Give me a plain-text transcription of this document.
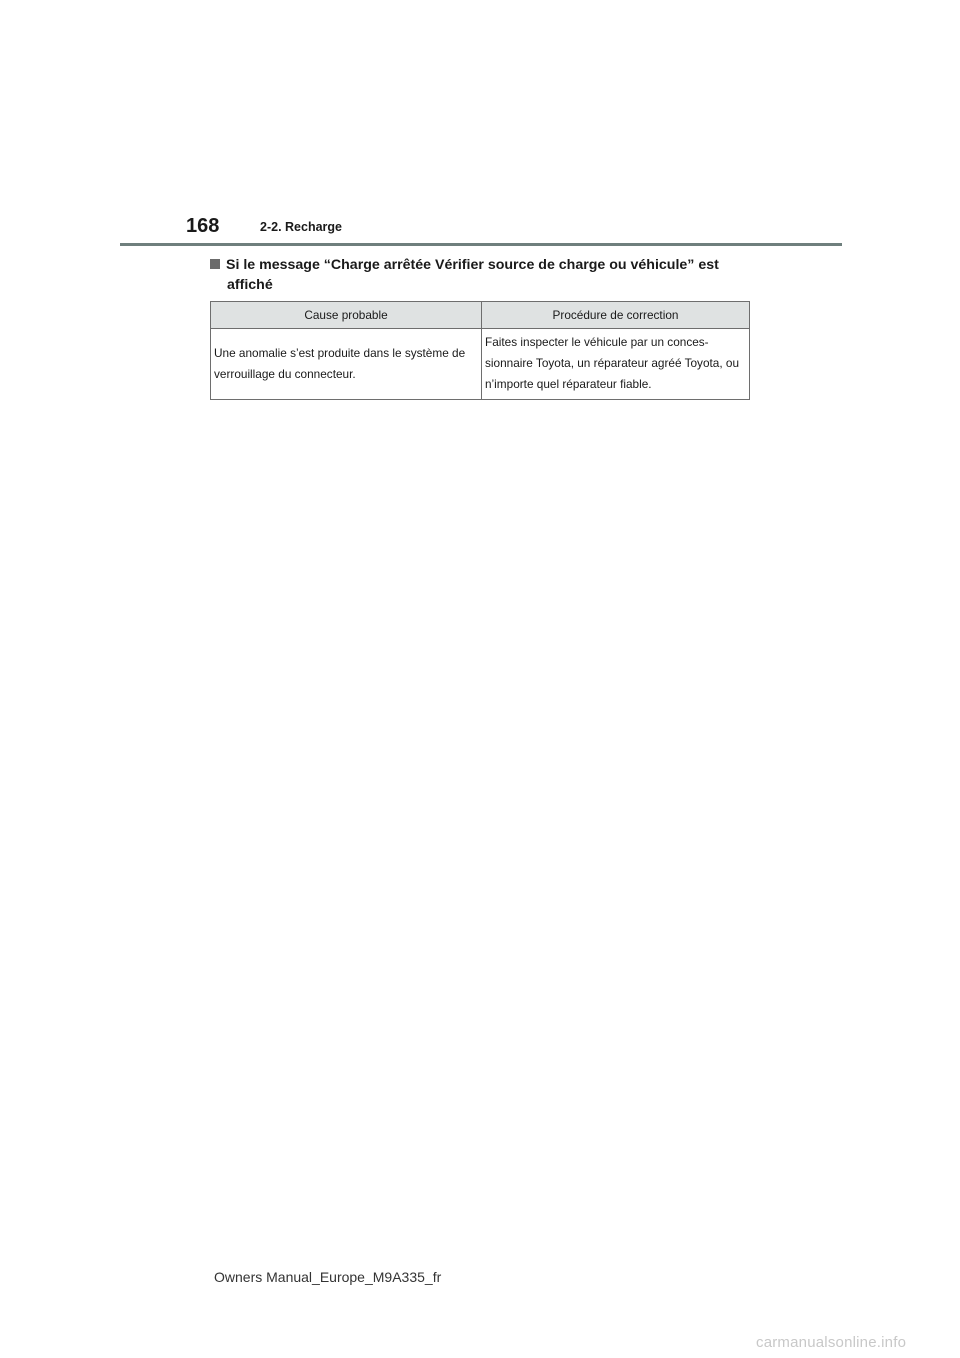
168	2-2. Recharge
Si le message “Charge arrêtée Vérifier source de charge ou véhicule” est
affiché
Cause probable	Procédure de correction
Une anomalie s’est produite dans le système de verrouillage du connecteur.	Faites inspecter le véhicule par un conces-sionnaire Toyota, un réparateur agréé Toyota, ou n’importe quel réparateur fiable.
Owners Manual_Europe_M9A335_fr
carmanualsonline.info
